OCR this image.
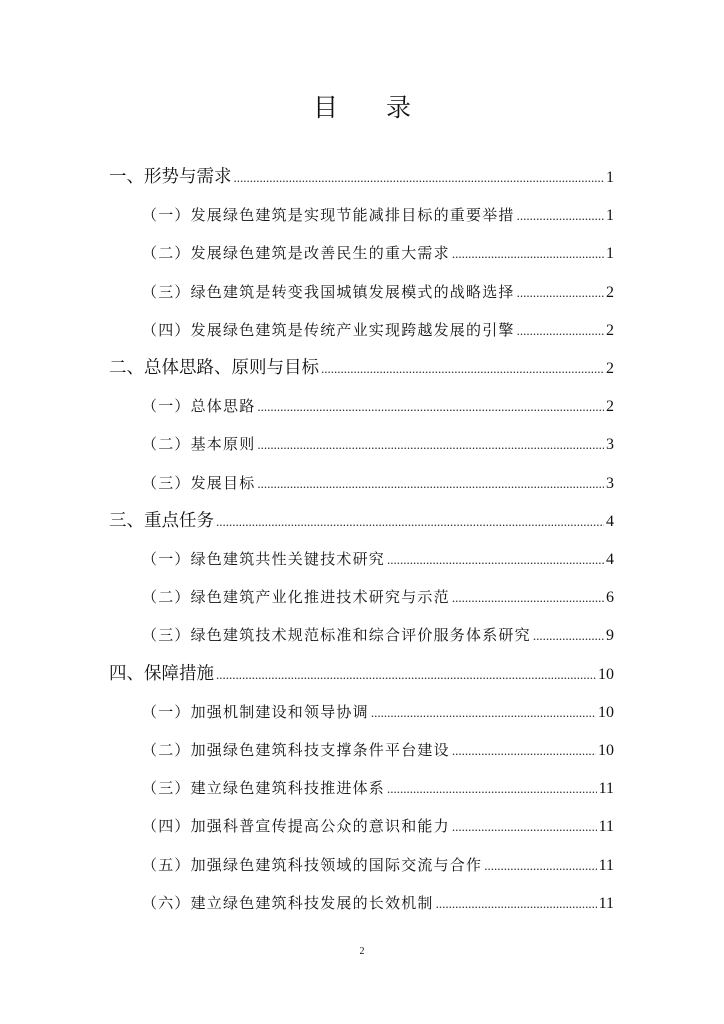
目 录
一、形势与需求 .....	1
（一）发展绿色建筑是实现节能减排目标的重要举措 .....	1
（二）发展绿色建筑是改善民生的重大需求 .....	1
（三）绿色建筑是转变我国城镇发展模式的战略选择 .....	2
（四）发展绿色建筑是传统产业实现跨越发展的引擎 .....	2
二、总体思路、原则与目标 .....	2
（一）总体思路 .....	2
（二）基本原则 .....	3
（三）发展目标 .....	3
三、重点任务 .....	4
（一）绿色建筑共性关键技术研究 .....	4
（二）绿色建筑产业化推进技术研究与示范 .....	6
（三）绿色建筑技术规范标准和综合评价服务体系研究 .....	9
四、保障措施 .....	10
（一）加强机制建设和领导协调 .....	10
（二）加强绿色建筑科技支撑条件平台建设 .....	10
（三）建立绿色建筑科技推进体系 .....	11
（四）加强科普宣传提高公众的意识和能力 .....	11
（五）加强绿色建筑科技领域的国际交流与合作 .....	11
（六）建立绿色建筑科技发展的长效机制 .....	11
2
